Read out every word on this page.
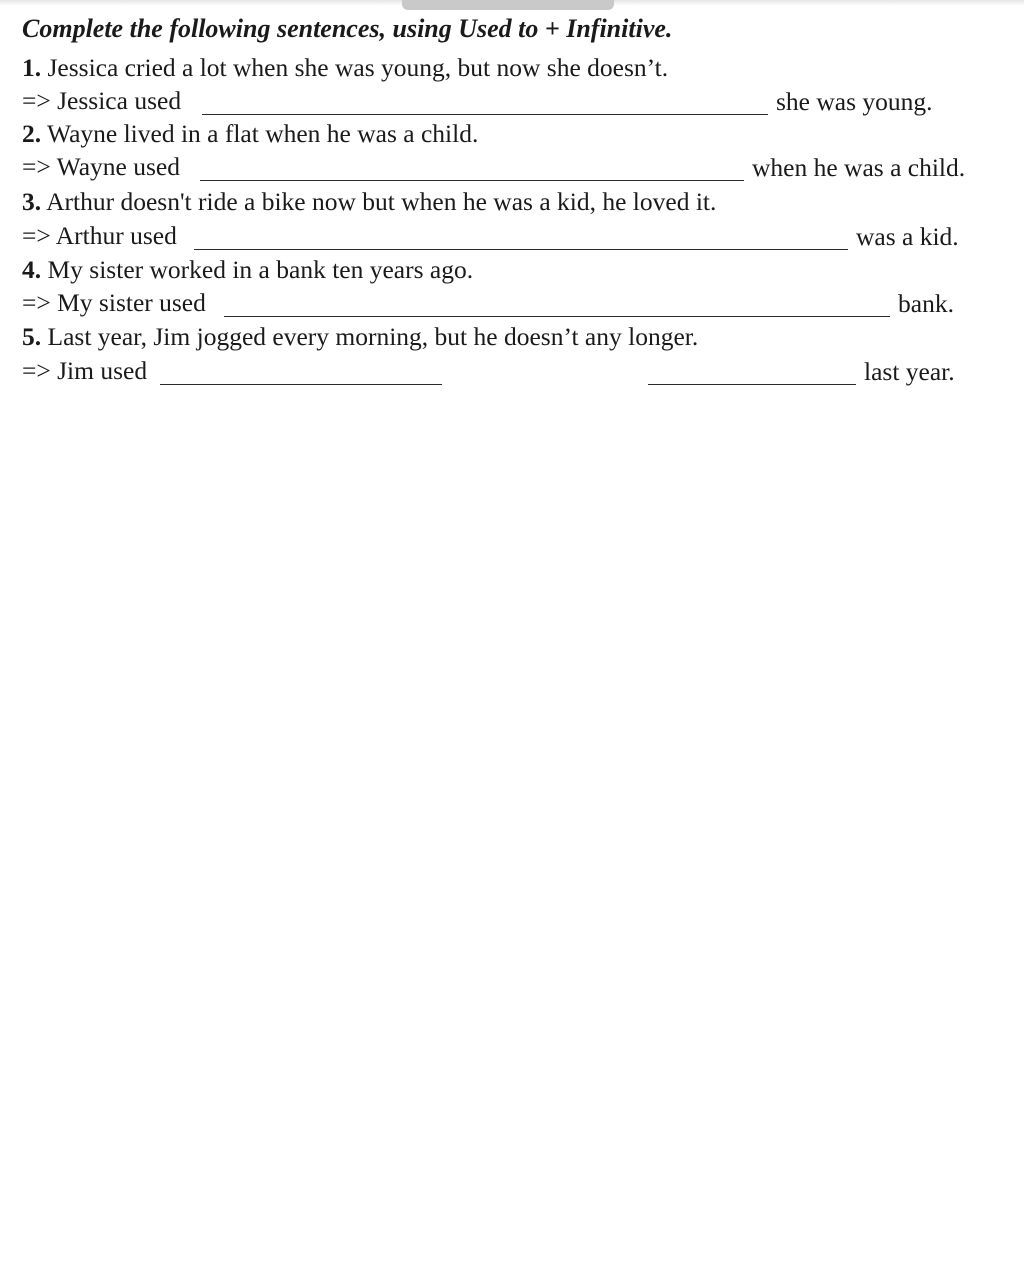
Complete the following sentences, using Used to + Infinitive.
1. Jessica cried a lot when she was young, but now she doesn’t.
=> Jessica used	she was young.
2. Wayne lived in a flat when he was a child.
=> Wayne used	when he was a child.
3. Arthur doesn't ride a bike now but when he was a kid, he loved it.
=> Arthur used	was a kid.
4. My sister worked in a bank ten years ago.
=> My sister used	bank.
5. Last year, Jim jogged every morning, but he doesn’t any longer.
=> Jim used	last year.
